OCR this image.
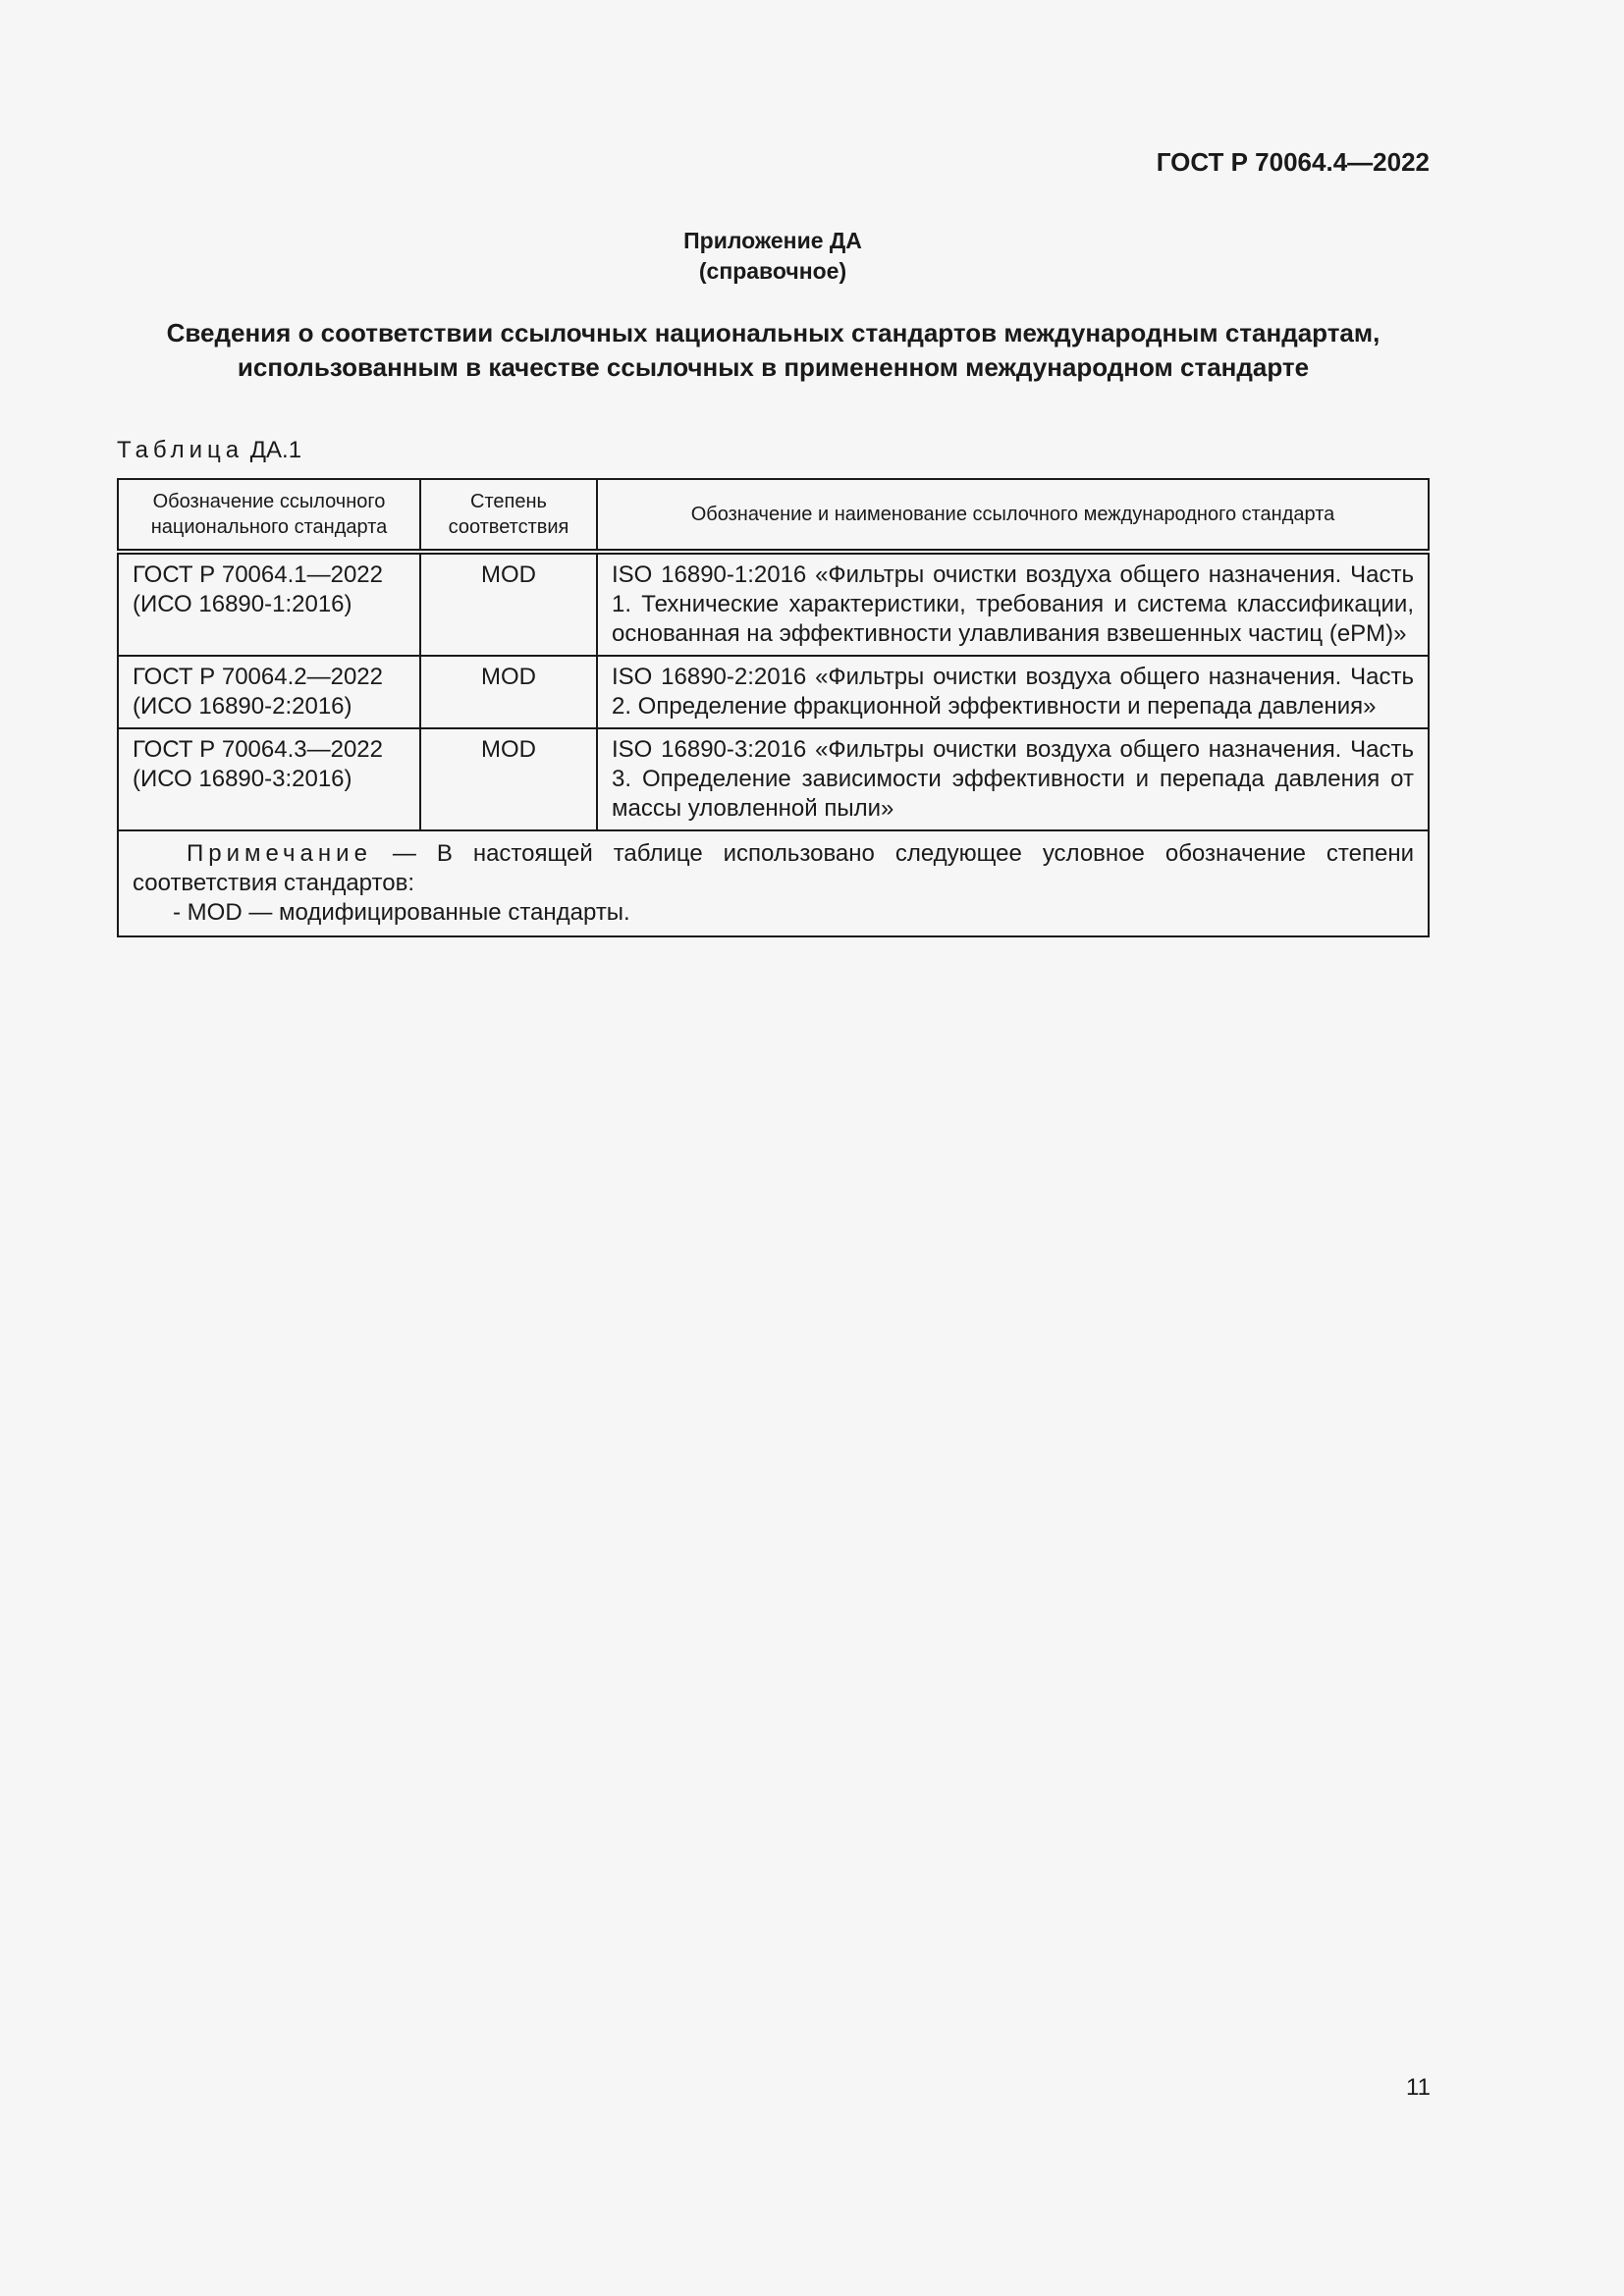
ГОСТ Р 70064.4—2022
Приложение ДА
(справочное)
Сведения о соответствии ссылочных национальных стандартов международным стандартам,
использованным в качестве ссылочных в примененном международном стандарте
Таблица ДА.1
Обозначение ссылочного национального стандарта	Степень соответствия	Обозначение и наименование ссылочного международного стандарта

ГОСТ Р 70064.1—2022
(ИСО 16890-1:2016)	MOD	ISO 16890-1:2016 «Фильтры очистки воздуха общего назначения. Часть 1. Технические характеристики, требования и система классификации, основанная на эффективности улавливания взвешенных частиц (ePM)»

ГОСТ Р 70064.2—2022
(ИСО 16890-2:2016)	MOD	ISO 16890-2:2016 «Фильтры очистки воздуха общего назначения. Часть 2. Определение фракционной эффективности и перепада давления»

ГОСТ Р 70064.3—2022
(ИСО 16890-3:2016)	MOD	ISO 16890-3:2016 «Фильтры очистки воздуха общего назначения. Часть 3. Определение зависимости эффективности и перепада давления от массы уловленной пыли»

Примечание — В настоящей таблице использовано следующее условное обозначение степени соответствия стандартов:
- MOD — модифицированные стандарты.		
11
